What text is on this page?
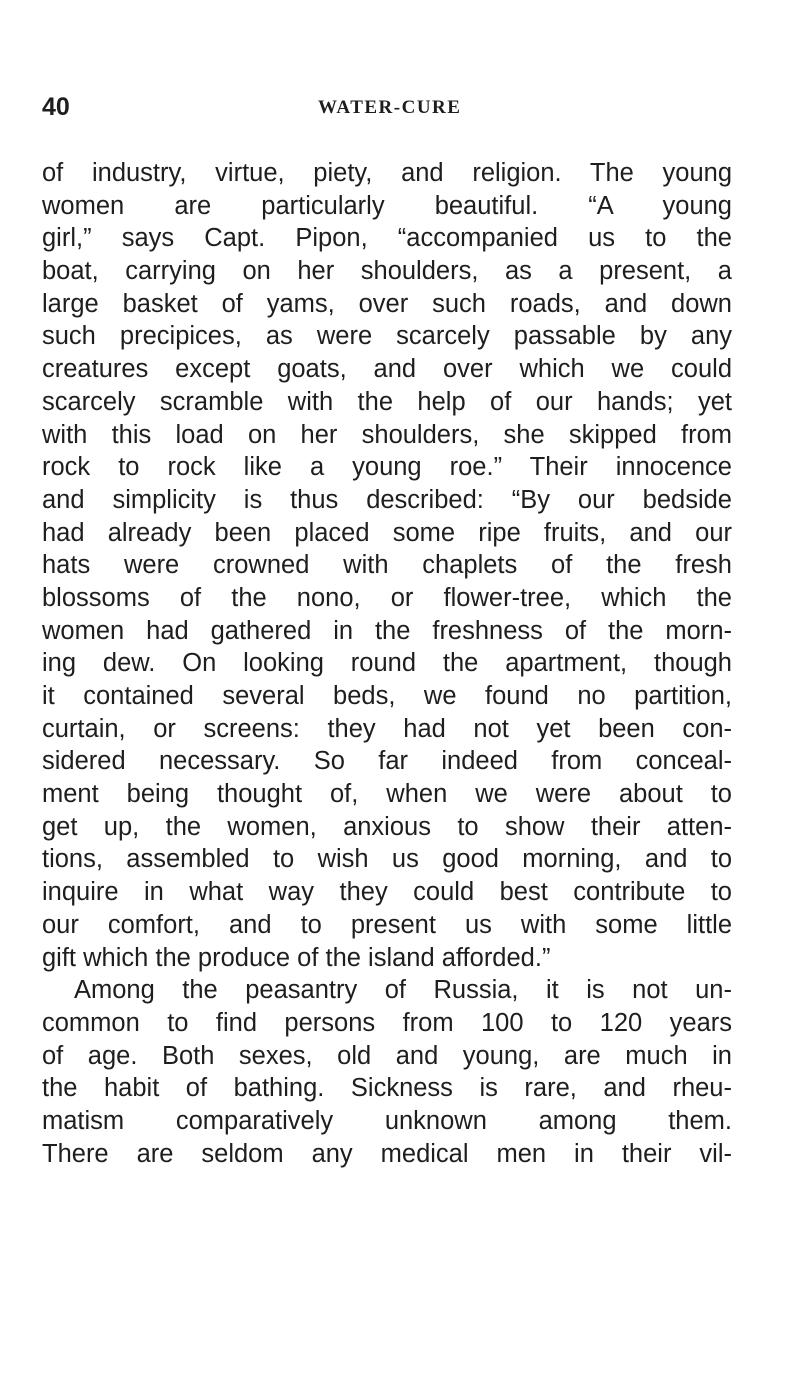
40	WATER-CURE
of industry, virtue, piety, and religion. The young
women are particularly beautiful. “A young
girl,” says Capt. Pipon, “accompanied us to the
boat, carrying on her shoulders, as a present, a
large basket of yams, over such roads, and down
such precipices, as were scarcely passable by any
creatures except goats, and over which we could
scarcely scramble with the help of our hands; yet
with this load on her shoulders, she skipped from
rock to rock like a young roe.” Their innocence
and simplicity is thus described: “By our bedside
had already been placed some ripe fruits, and our
hats were crowned with chaplets of the fresh
blossoms of the nono, or flower-tree, which the
women had gathered in the freshness of the morn-
ing dew. On looking round the apartment, though
it contained several beds, we found no partition,
curtain, or screens: they had not yet been con-
sidered necessary. So far indeed from conceal-
ment being thought of, when we were about to
get up, the women, anxious to show their atten-
tions, assembled to wish us good morning, and to
inquire in what way they could best contribute to
our comfort, and to present us with some little
gift which the produce of the island afforded.”
Among the peasantry of Russia, it is not un-
common to find persons from 100 to 120 years
of age. Both sexes, old and young, are much in
the habit of bathing. Sickness is rare, and rheu-
matism comparatively unknown among them.
There are seldom any medical men in their vil-
